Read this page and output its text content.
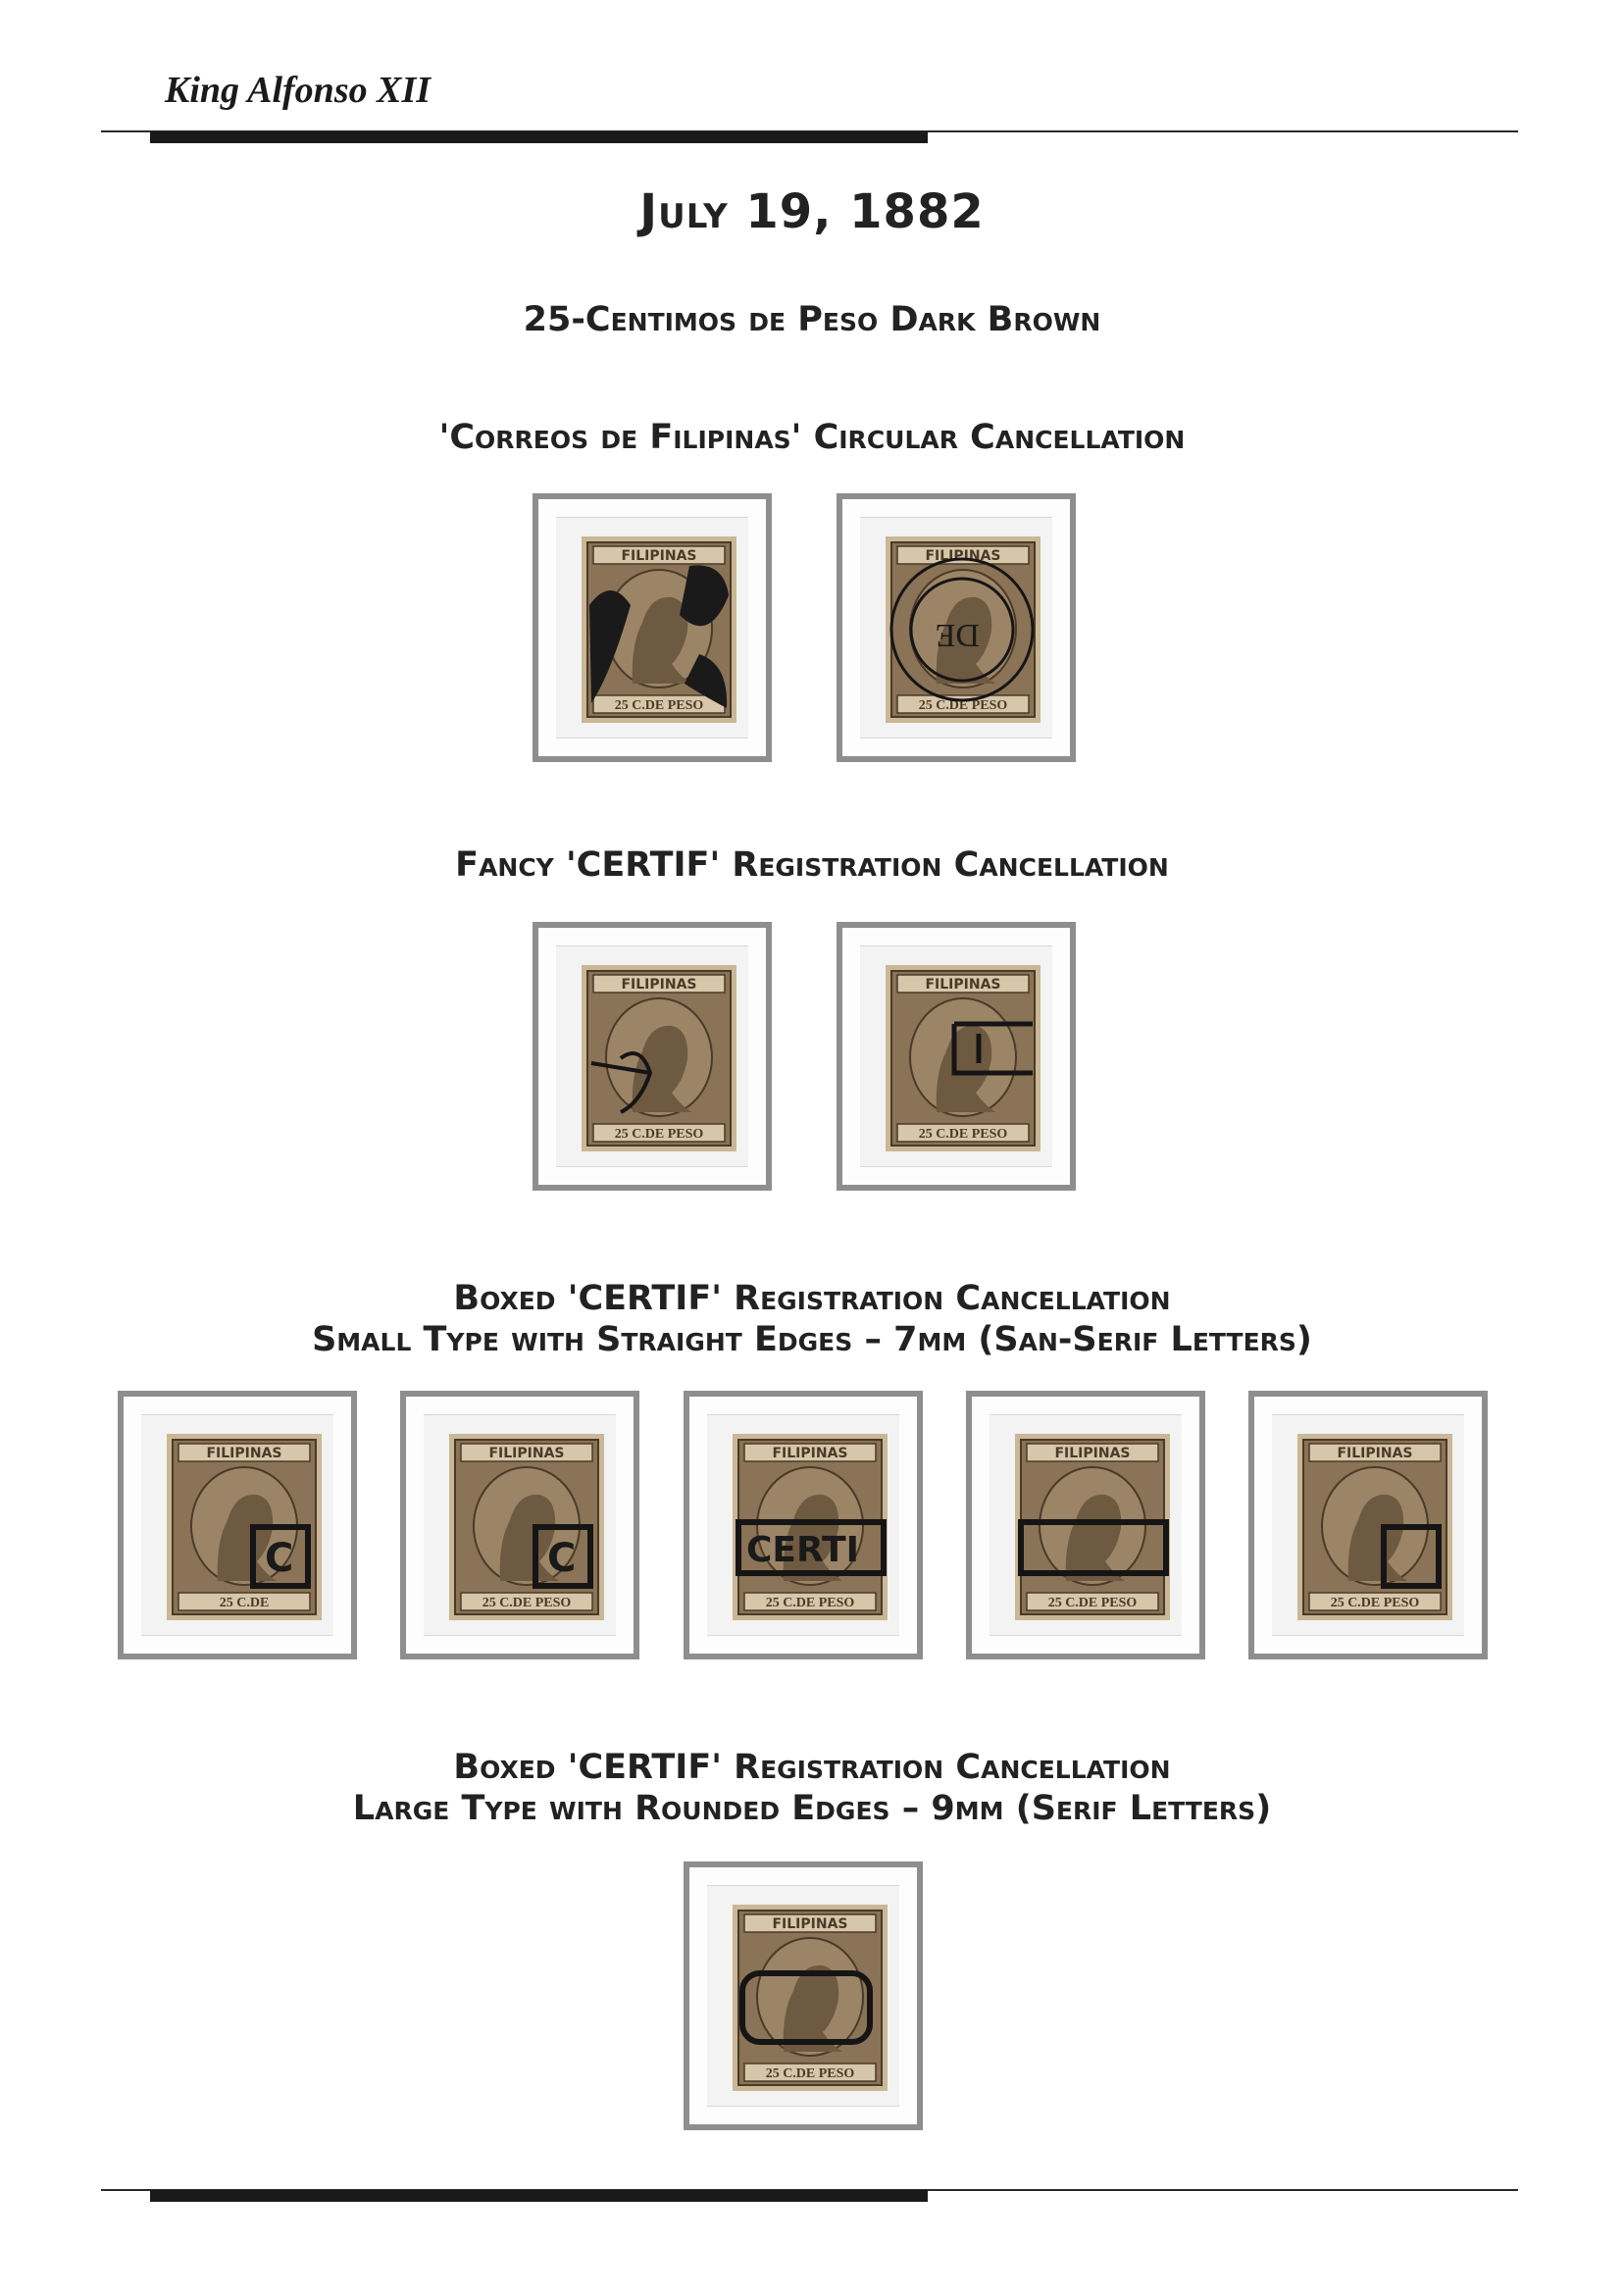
King Alfonso XII
July 19, 1882
25-Centimos de Peso Dark Brown
'Correos de Filipinas' Circular Cancellation
Fancy 'CERTIF' Registration Cancellation
Boxed 'CERTIF' Registration Cancellation
Small Type with Straight Edges – 7mm (San-Serif Letters)
Boxed 'CERTIF' Registration Cancellation
Large Type with Rounded Edges – 9mm (Serif Letters)
FILIPINAS
25 C.DE PESO
FILIPINAS
25 C.DE PESO
DE
FILIPINAS
25 C.DE PESO
FILIPINAS
25 C.DE PESO
FILIPINAS
25 C.DE
C
FILIPINAS
25 C.DE PESO
C
FILIPINAS
25 C.DE PESO
CERTI
FILIPINAS
25 C.DE PESO
FILIPINAS
25 C.DE PESO
FILIPINAS
25 C.DE PESO
